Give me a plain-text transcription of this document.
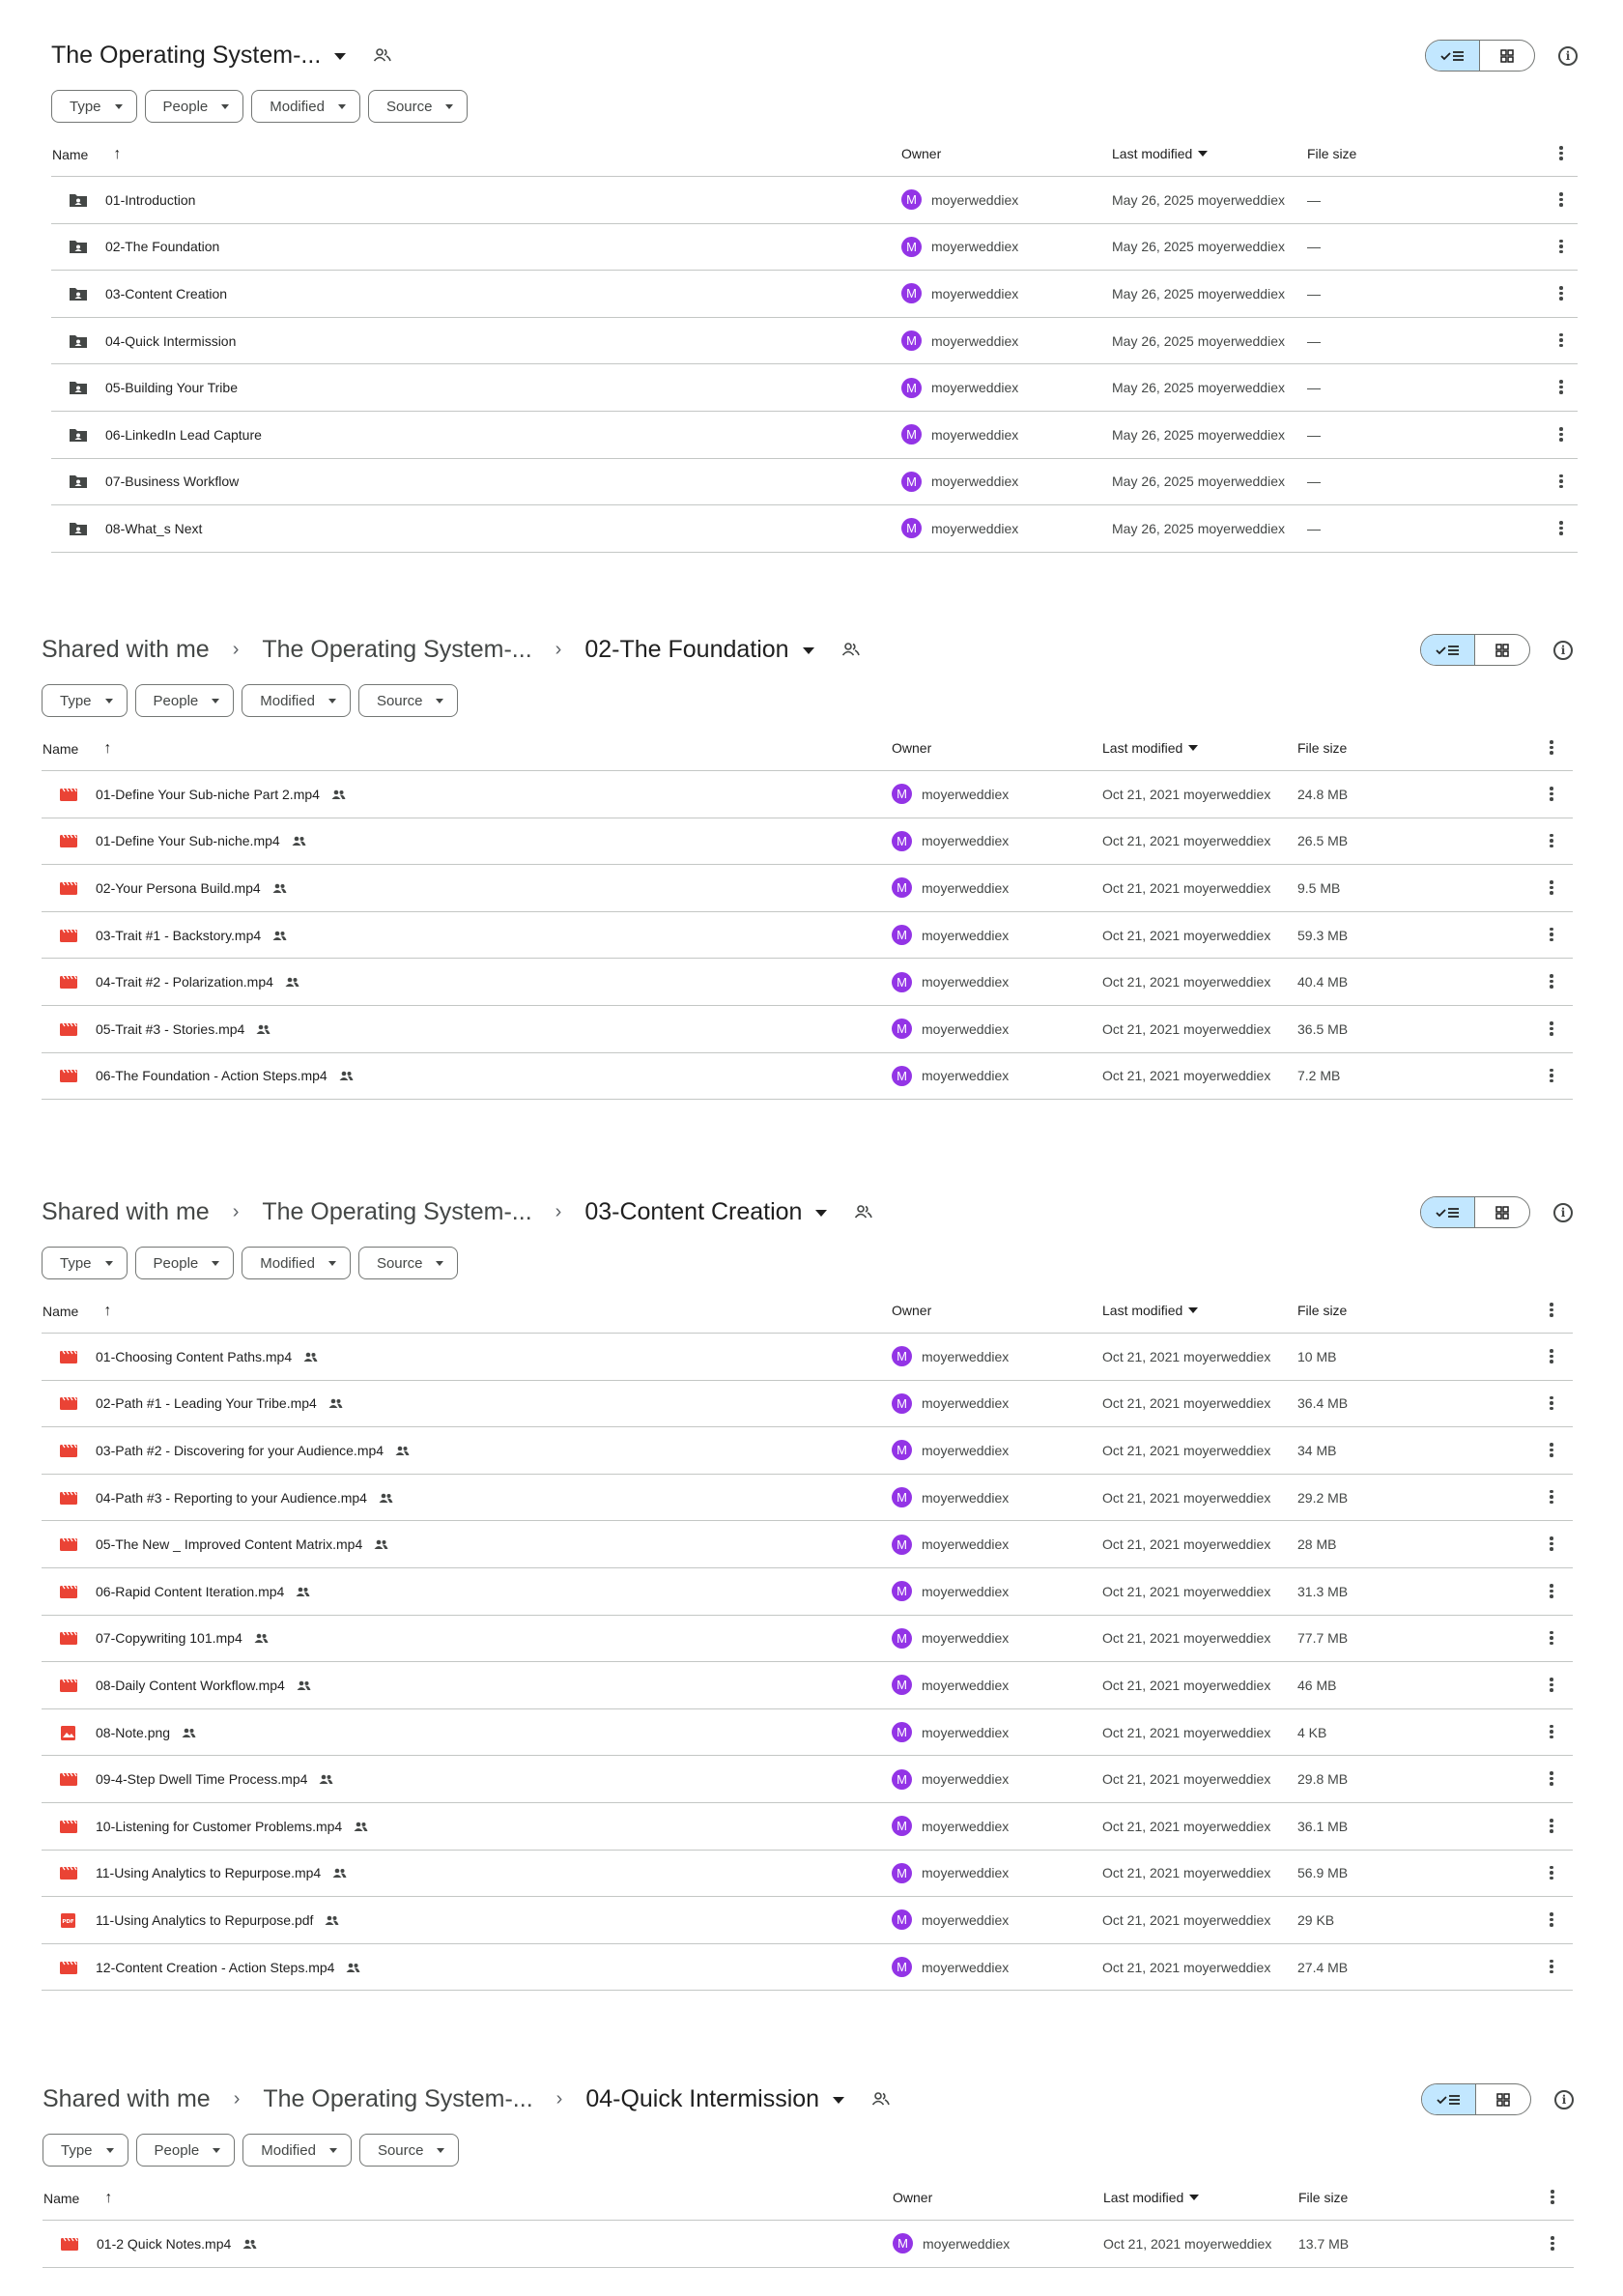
The Operating System-...	i
Type	People	Modified	Source
Name ↑	Owner	Last modified	File size
01-Introduction	M	moyerweddiex	May 26, 2025 moyerweddiex —
02-The Foundation	M	moyerweddiex	May 26, 2025 moyerweddiex —
03-Content Creation	M	moyerweddiex	May 26, 2025 moyerweddiex —
04-Quick Intermission	M	moyerweddiex	May 26, 2025 moyerweddiex —
05-Building Your Tribe	M	moyerweddiex	May 26, 2025 moyerweddiex —
06-LinkedIn Lead Capture	M	moyerweddiex	May 26, 2025 moyerweddiex —
07-Business Workflow	M	moyerweddiex	May 26, 2025 moyerweddiex —
08-What_s Next	M	moyerweddiex	May 26, 2025 moyerweddiex —
Shared with me › The Operating System-... › 02-The Foundation	i
Type	People	Modified	Source
Name ↑	Owner	Last modified	File size
01-Define Your Sub-niche Part 2.mp4	M	moyerweddiex	Oct 21, 2021 moyerweddiex 24.8 MB
01-Define Your Sub-niche.mp4	M	moyerweddiex	Oct 21, 2021 moyerweddiex 26.5 MB
02-Your Persona Build.mp4	M	moyerweddiex	Oct 21, 2021 moyerweddiex 9.5 MB
03-Trait #1 - Backstory.mp4	M	moyerweddiex	Oct 21, 2021 moyerweddiex 59.3 MB
04-Trait #2 - Polarization.mp4	M	moyerweddiex	Oct 21, 2021 moyerweddiex 40.4 MB
05-Trait #3 - Stories.mp4	M	moyerweddiex	Oct 21, 2021 moyerweddiex 36.5 MB
06-The Foundation - Action Steps.mp4	M	moyerweddiex	Oct 21, 2021 moyerweddiex 7.2 MB
Shared with me › The Operating System-... › 03-Content Creation	i
Type	People	Modified	Source
Name ↑	Owner	Last modified	File size
01-Choosing Content Paths.mp4	M	moyerweddiex	Oct 21, 2021 moyerweddiex 10 MB
02-Path #1 - Leading Your Tribe.mp4	M	moyerweddiex	Oct 21, 2021 moyerweddiex 36.4 MB
03-Path #2 - Discovering for your Audience.mp4	M	moyerweddiex	Oct 21, 2021 moyerweddiex 34 MB
04-Path #3 - Reporting to your Audience.mp4	M	moyerweddiex	Oct 21, 2021 moyerweddiex 29.2 MB
05-The New _ Improved Content Matrix.mp4	M	moyerweddiex	Oct 21, 2021 moyerweddiex 28 MB
06-Rapid Content Iteration.mp4	M	moyerweddiex	Oct 21, 2021 moyerweddiex 31.3 MB
07-Copywriting 101.mp4	M	moyerweddiex	Oct 21, 2021 moyerweddiex 77.7 MB
08-Daily Content Workflow.mp4	M	moyerweddiex	Oct 21, 2021 moyerweddiex 46 MB
08-Note.png	M	moyerweddiex	Oct 21, 2021 moyerweddiex 4 KB
09-4-Step Dwell Time Process.mp4	M	moyerweddiex	Oct 21, 2021 moyerweddiex 29.8 MB
10-Listening for Customer Problems.mp4	M	moyerweddiex	Oct 21, 2021 moyerweddiex 36.1 MB
11-Using Analytics to Repurpose.mp4	M	moyerweddiex	Oct 21, 2021 moyerweddiex 56.9 MB
PDF 11-Using Analytics to Repurpose.pdf	M	moyerweddiex	Oct 21, 2021 moyerweddiex 29 KB
12-Content Creation - Action Steps.mp4	M	moyerweddiex	Oct 21, 2021 moyerweddiex 27.4 MB
Shared with me › The Operating System-... › 04-Quick Intermission	i
Type	People	Modified	Source
Name ↑	Owner	Last modified	File size
01-2 Quick Notes.mp4	M	moyerweddiex	Oct 21, 2021 moyerweddiex 13.7 MB
